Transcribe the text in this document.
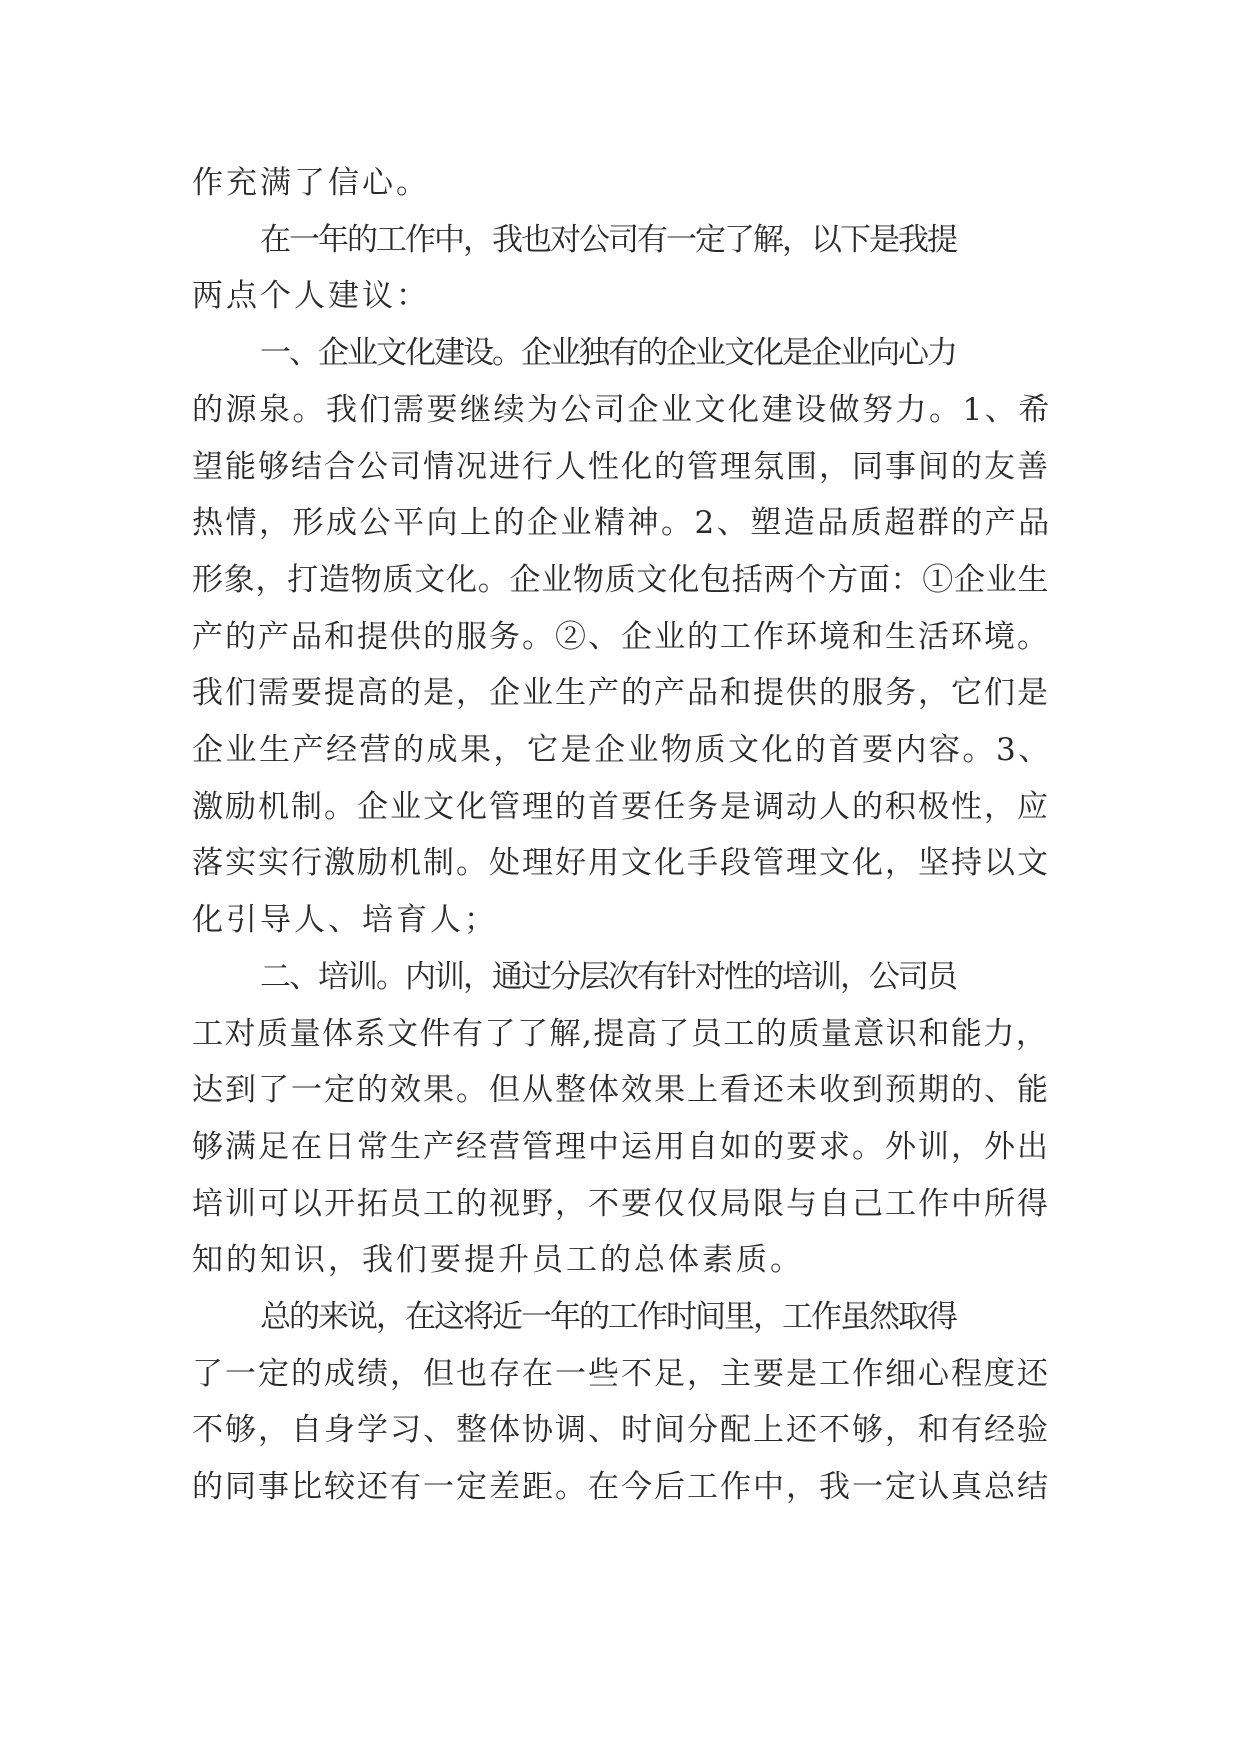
作充满了信心。

在一年的工作中，我也对公司有一定了解，以下是我提
两点个人建议：

一、企业文化建设。企业独有的企业文化是企业向心力
的源泉。我们需要继续为公司企业文化建设做努力。1、希
望能够结合公司情况进行人性化的管理氛围，同事间的友善
热情，形成公平向上的企业精神。2、塑造品质超群的产品
形象，打造物质文化。企业物质文化包括两个方面：①企业生
产的产品和提供的服务。②、企业的工作环境和生活环境。
我们需要提高的是，企业生产的产品和提供的服务，它们是
企业生产经营的成果，它是企业物质文化的首要内容。3、
激励机制。企业文化管理的首要任务是调动人的积极性，应
落实实行激励机制。处理好用文化手段管理文化，坚持以文
化引导人、培育人；

二、培训。内训，通过分层次有针对性的培训，公司员
工对质量体系文件有了了解,提高了员工的质量意识和能力，
达到了一定的效果。但从整体效果上看还未收到预期的、能
够满足在日常生产经营管理中运用自如的要求。外训，外出
培训可以开拓员工的视野，不要仅仅局限与自己工作中所得
知的知识，我们要提升员工的总体素质。

总的来说，在这将近一年的工作时间里，工作虽然取得
了一定的成绩，但也存在一些不足，主要是工作细心程度还
不够，自身学习、整体协调、时间分配上还不够，和有经验
的同事比较还有一定差距。在今后工作中，我一定认真总结
